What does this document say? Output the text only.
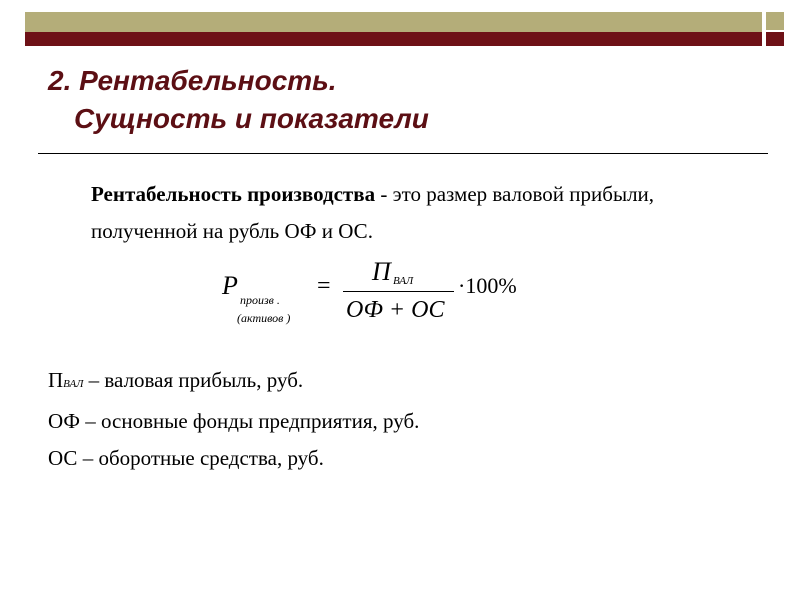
2. Рентабельность.
Сущность и показатели
Рентабельность производства - это размер валовой прибыли, полученной на рубль ОФ и ОС.
P произв .
(активов )
= П ВАЛ
ОФ + ОС
·100%
ПВАЛ – валовая прибыль, руб.
ОФ – основные фонды предприятия, руб.
ОС – оборотные средства, руб.
